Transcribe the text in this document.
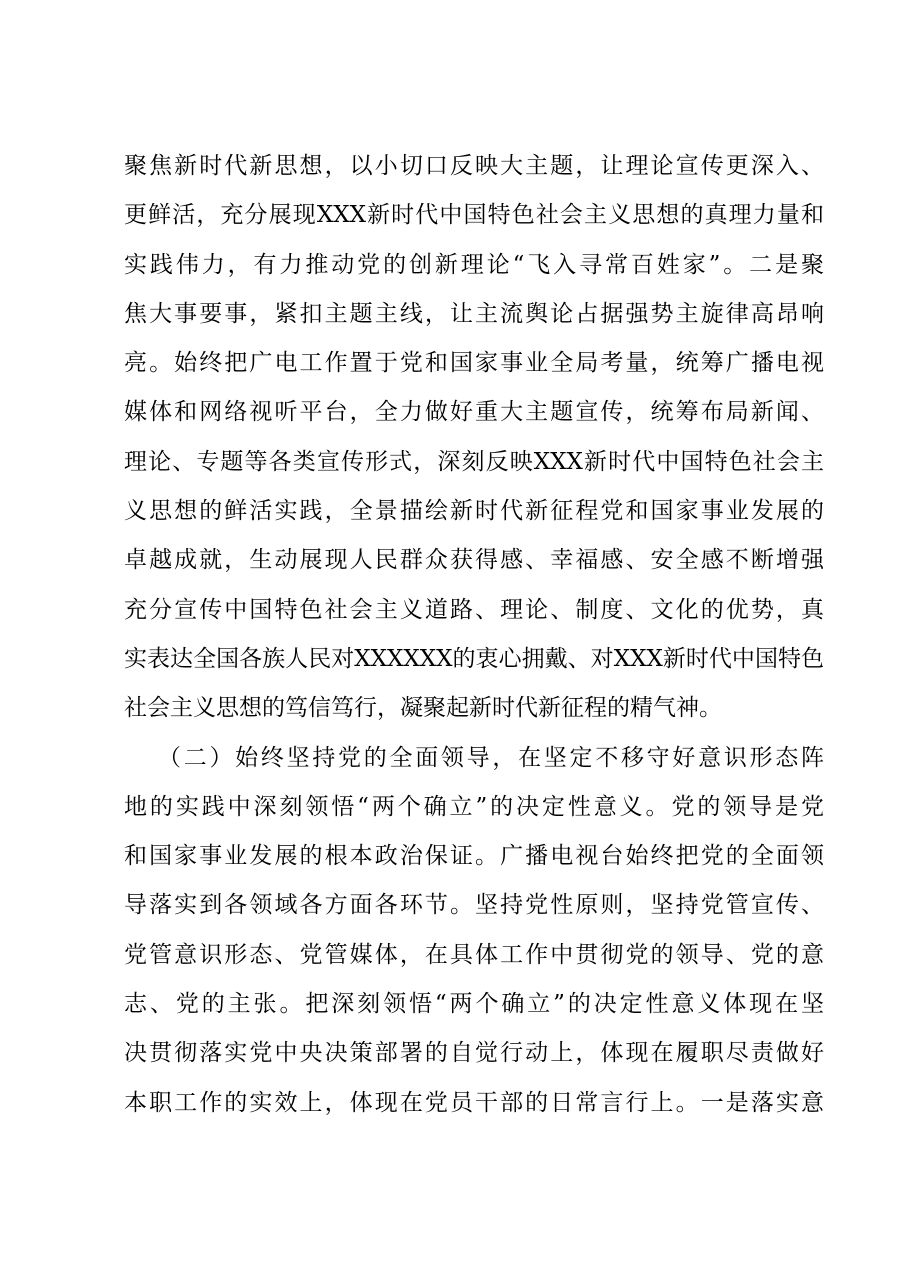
聚焦新时代新思想，以小切口反映大主题，让理论宣传更深入、
更鲜活，充分展现XXX新时代中国特色社会主义思想的真理力量和
实践伟力，有力推动党的创新理论“飞入寻常百姓家”。二是聚
焦大事要事，紧扣主题主线，让主流舆论占据强势主旋律高昂响
亮。始终把广电工作置于党和国家事业全局考量，统筹广播电视
媒体和网络视听平台，全力做好重大主题宣传，统筹布局新闻、
理论、专题等各类宣传形式，深刻反映XXX新时代中国特色社会主
义思想的鲜活实践，全景描绘新时代新征程党和国家事业发展的
卓越成就，生动展现人民群众获得感、幸福感、安全感不断增强
充分宣传中国特色社会主义道路、理论、制度、文化的优势，真
实表达全国各族人民对XXXXXX的衷心拥戴、对XXX新时代中国特色
社会主义思想的笃信笃行，凝聚起新时代新征程的精气神。
（二）始终坚持党的全面领导，在坚定不移守好意识形态阵
地的实践中深刻领悟“两个确立”的决定性意义。党的领导是党
和国家事业发展的根本政治保证。广播电视台始终把党的全面领
导落实到各领域各方面各环节。坚持党性原则，坚持党管宣传、
党管意识形态、党管媒体，在具体工作中贯彻党的领导、党的意
志、党的主张。把深刻领悟“两个确立”的决定性意义体现在坚
决贯彻落实党中央决策部署的自觉行动上，体现在履职尽责做好
本职工作的实效上，体现在党员干部的日常言行上。一是落实意
